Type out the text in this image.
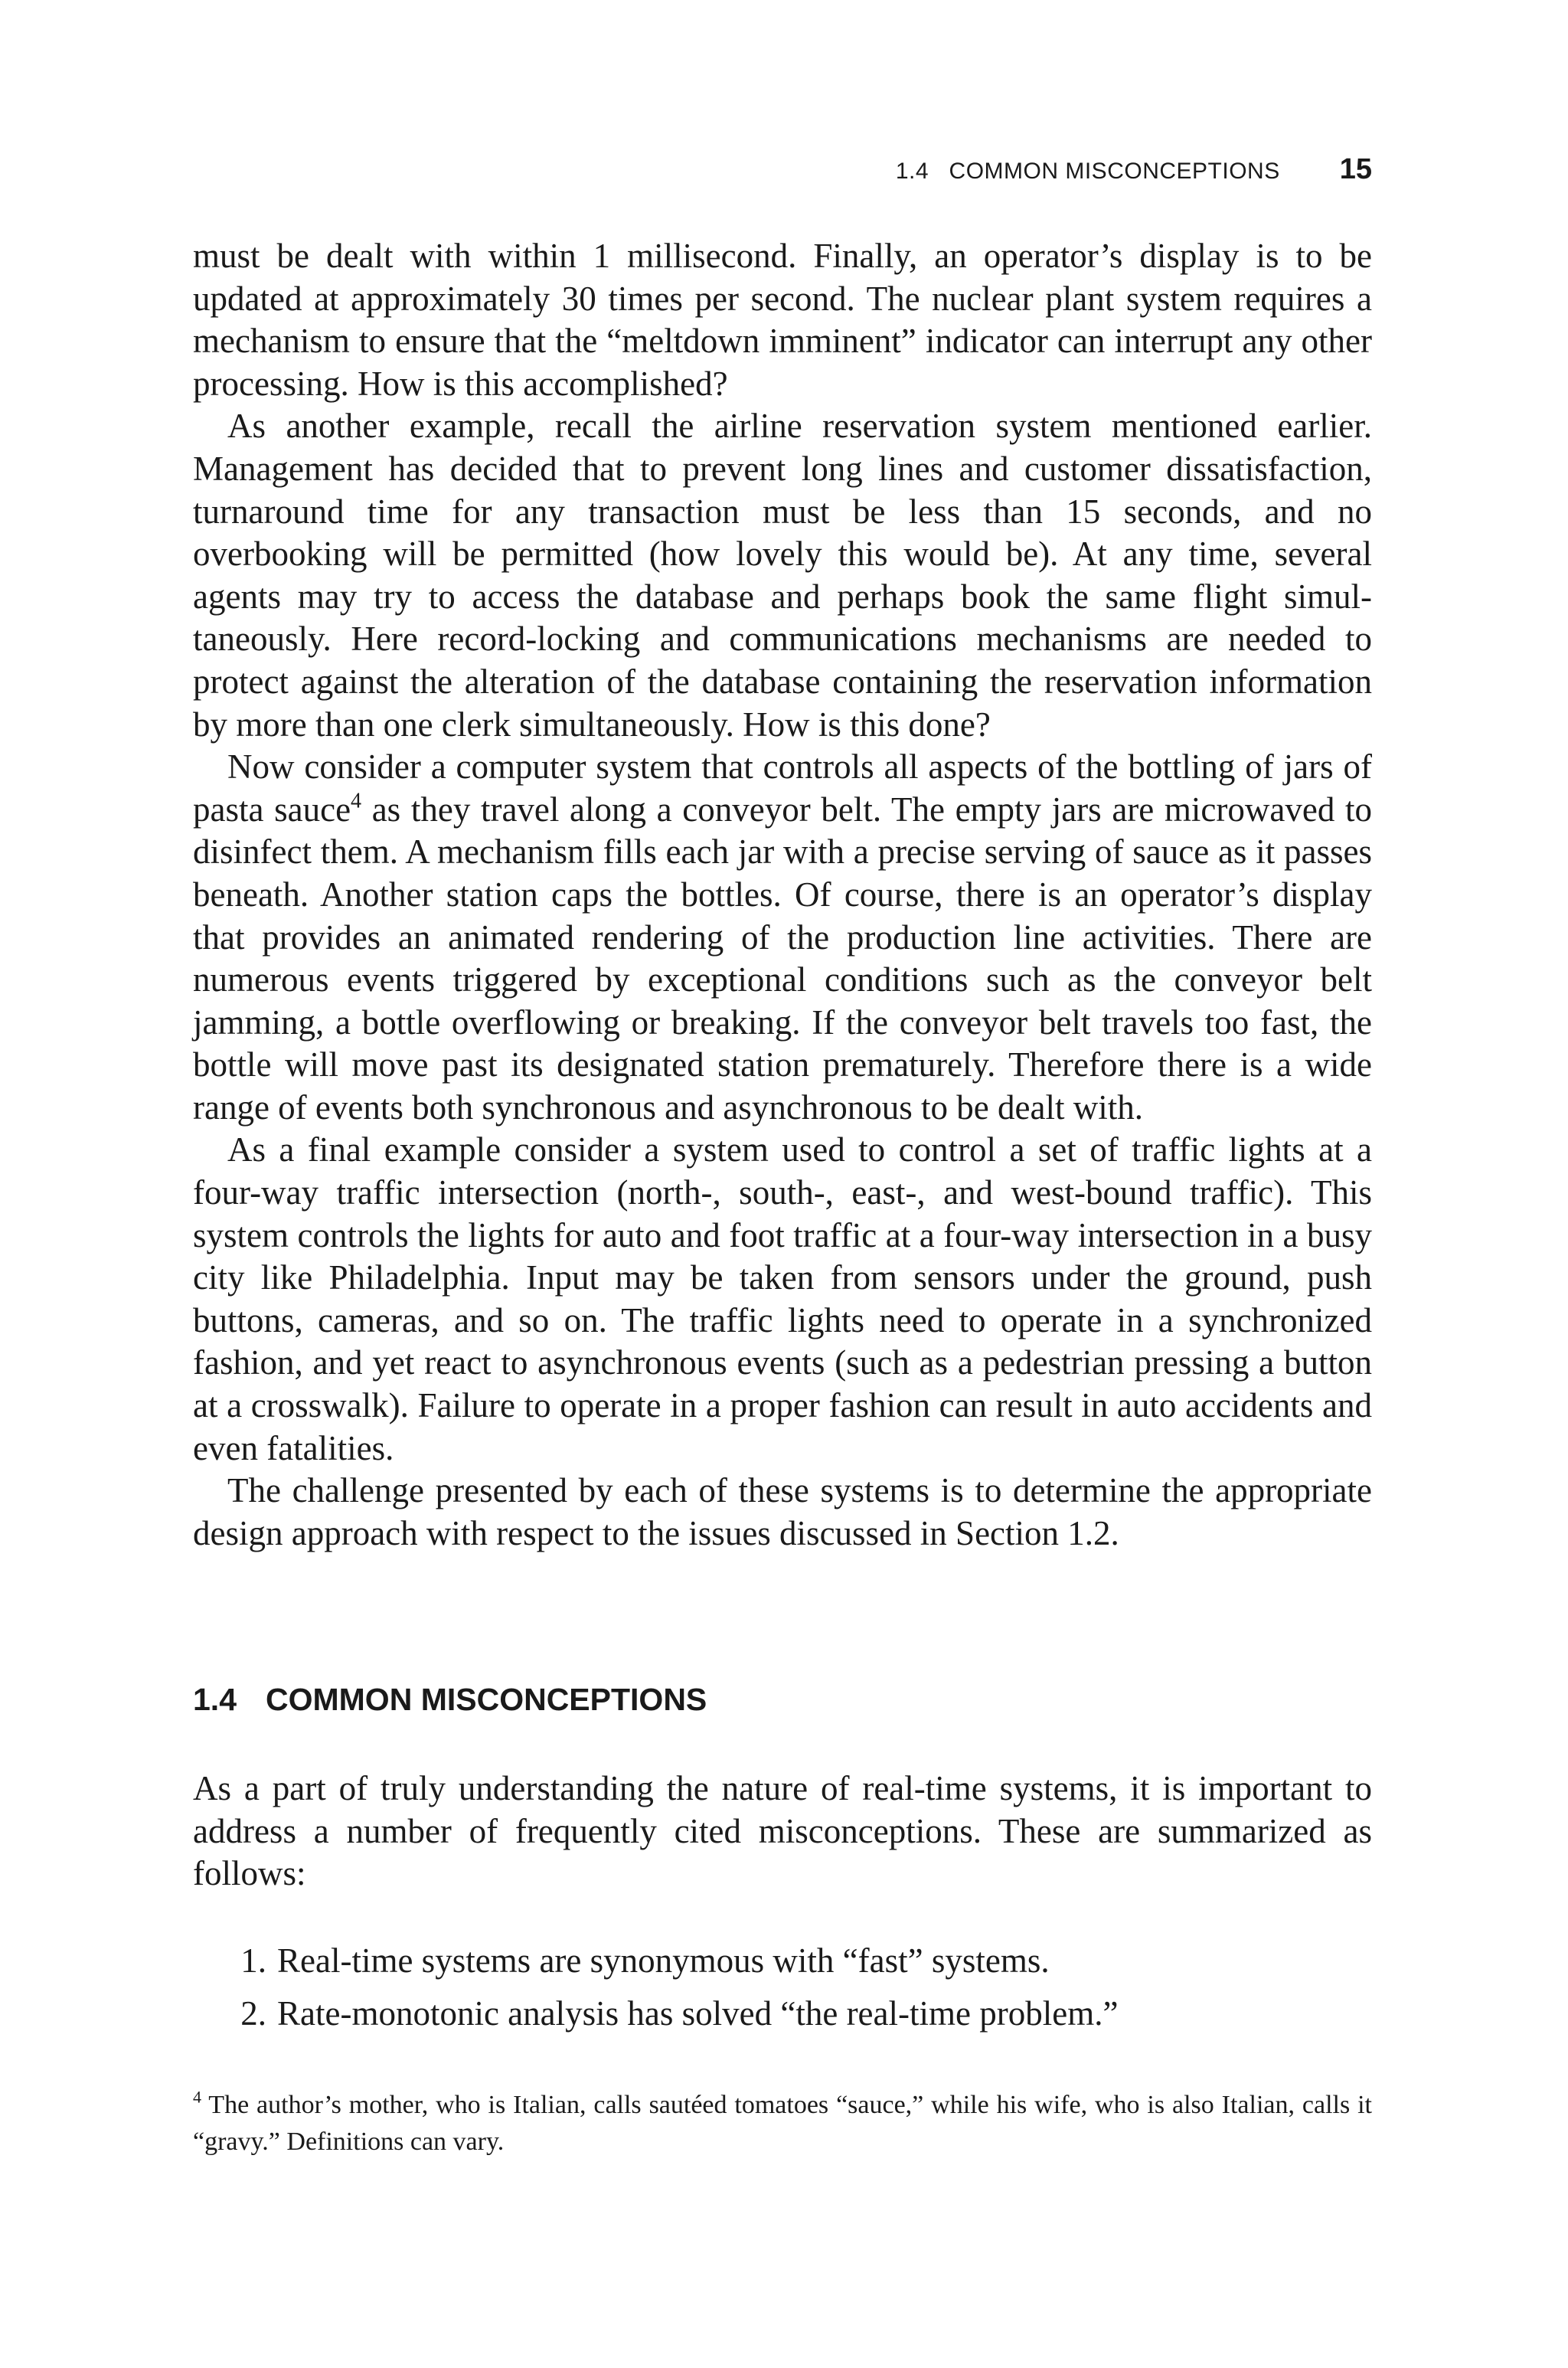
1.4   COMMON MISCONCEPTIONS 15

must be dealt with within 1 millisecond. Finally, an operator’s display is to be updated at approximately 30 times per second. The nuclear plant system requires a mechanism to ensure that the “meltdown imminent” indicator can interrupt any other processing. How is this accomplished?

As another example, recall the airline reservation system mentioned earlier. Management has decided that to prevent long lines and customer dissatisfaction, turnaround time for any transaction must be less than 15 seconds, and no overbooking will be permitted (how lovely this would be). At any time, several agents may try to access the database and perhaps book the same flight simultaneously. Here record-locking and communications mechanisms are needed to protect against the alteration of the database containing the reservation information by more than one clerk simultaneously. How is this done?

Now consider a computer system that controls all aspects of the bottling of jars of pasta sauce$^4$ as they travel along a conveyor belt. The empty jars are microwaved to disinfect them. A mechanism fills each jar with a precise serving of sauce as it passes beneath. Another station caps the bottles. Of course, there is an operator’s display that provides an animated rendering of the production line activities. There are numerous events triggered by exceptional conditions such as the conveyor belt jamming, a bottle overflowing or breaking. If the conveyor belt travels too fast, the bottle will move past its designated station prematurely. Therefore there is a wide range of events both synchronous and asynchronous to be dealt with.

As a final example consider a system used to control a set of traffic lights at a four-way traffic intersection (north-, south-, east-, and west-bound traffic). This system controls the lights for auto and foot traffic at a four-way intersection in a busy city like Philadelphia. Input may be taken from sensors under the ground, push buttons, cameras, and so on. The traffic lights need to operate in a synchronized fashion, and yet react to asynchronous events (such as a pedestrian pressing a button at a crosswalk). Failure to operate in a proper fashion can result in auto accidents and even fatalities.

The challenge presented by each of these systems is to determine the appropriate design approach with respect to the issues discussed in Section 1.2.

1.4 COMMON MISCONCEPTIONS

As a part of truly understanding the nature of real-time systems, it is important to address a number of frequently cited misconceptions. These are summarized as follows:

1. Real-time systems are synonymous with “fast” systems.
2. Rate-monotonic analysis has solved “the real-time problem.”

$^4$ The author’s mother, who is Italian, calls sautéed tomatoes “sauce,” while his wife, who is also Italian, calls it “gravy.” Definitions can vary.
